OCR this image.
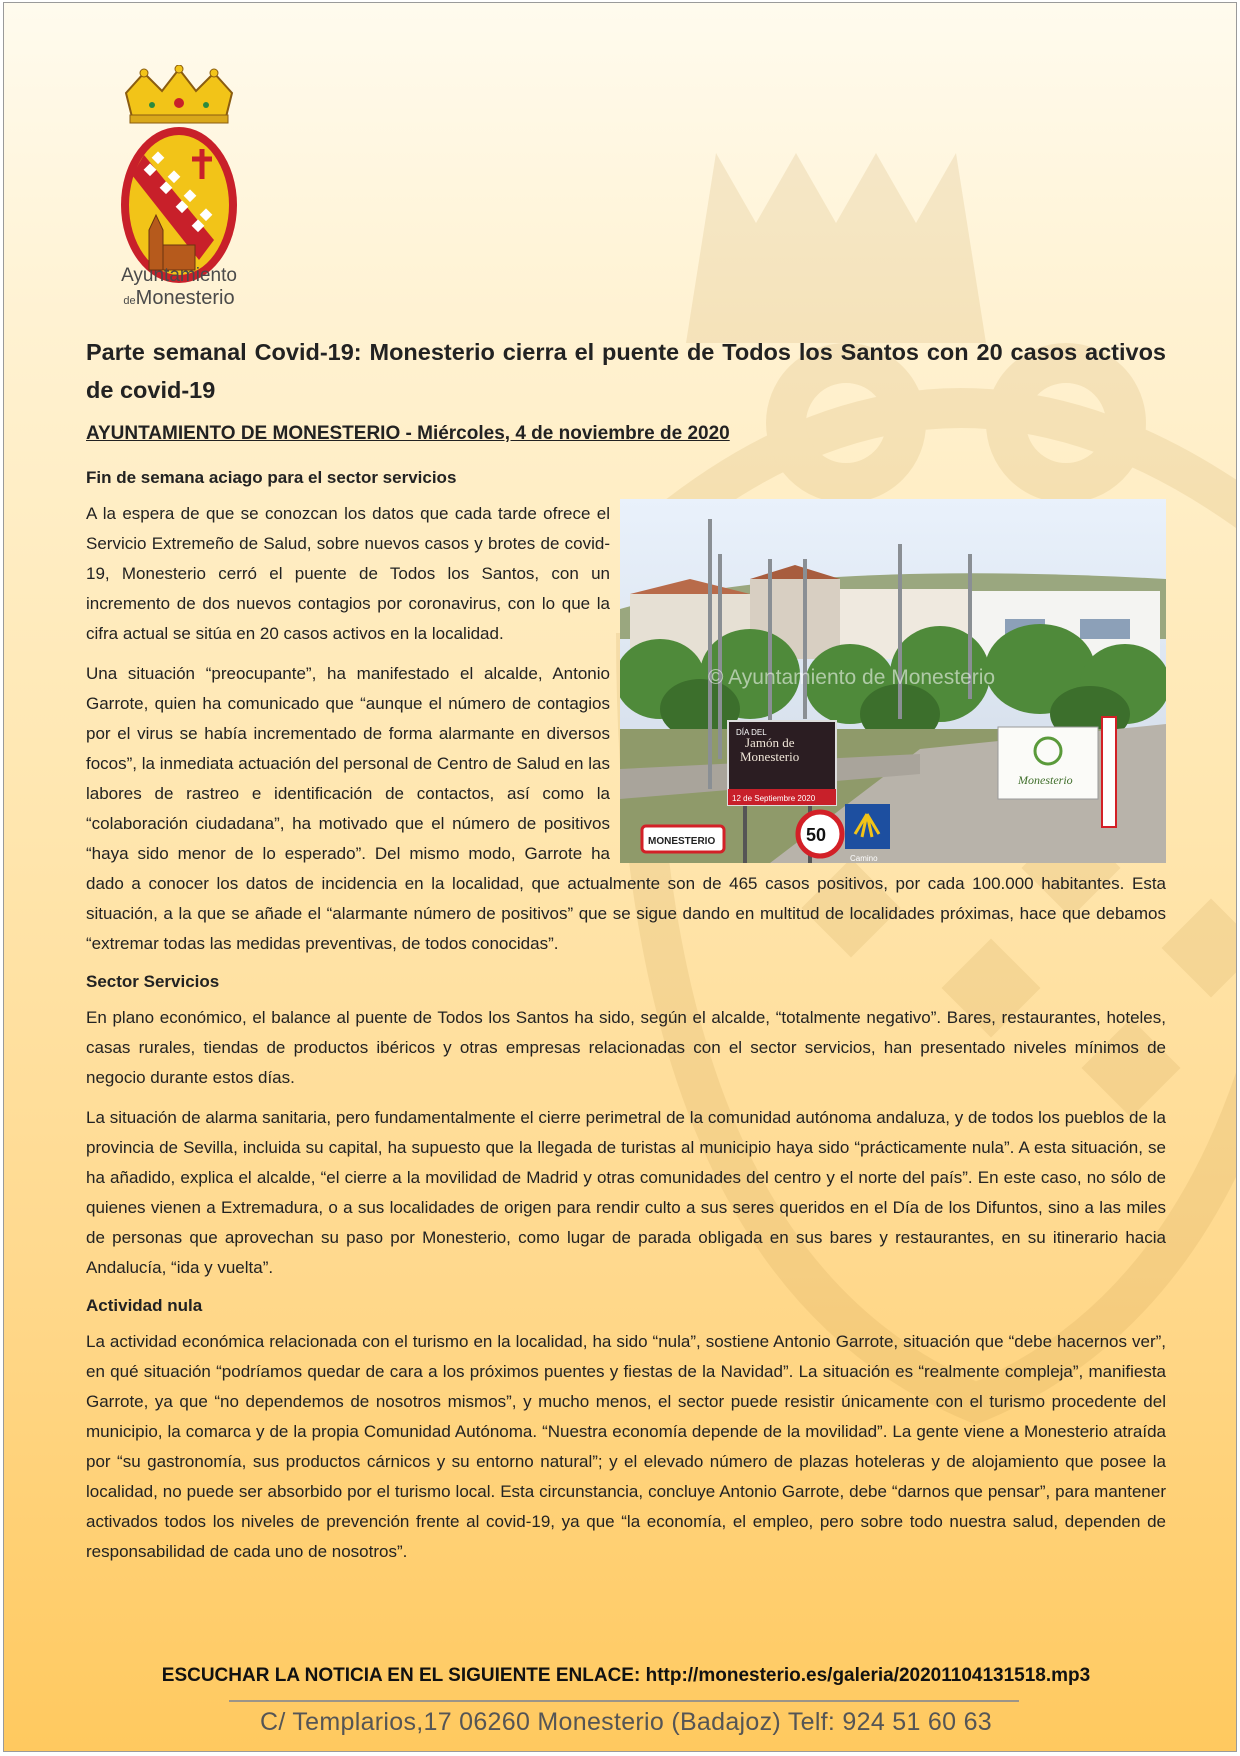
Ayuntamiento
deMonesterio
Parte semanal Covid-19: Monesterio cierra el puente de Todos los Santos con 20 casos activos de covid-19
AYUNTAMIENTO DE MONESTERIO - Miércoles, 4 de noviembre de 2020
Fin de semana aciago para el sector servicios
DÍA DEL
Jamón de
Monesterio
12 de Septiembre 2020
50
Camino
MONESTERIO
Monesterio
© Ayuntamiento de Monesterio

A la espera de que se conozcan los datos que cada tarde ofrece el Servicio Extremeño de Salud, sobre nuevos casos y brotes de covid-19, Monesterio cerró el puente de Todos los Santos, con un incremento de dos nuevos contagios por coronavirus, con lo que la cifra actual se sitúa en 20 casos activos en la localidad.

Una situación “preocupante”, ha manifestado el alcalde, Antonio Garrote, quien ha comunicado que “aunque el número de contagios por el virus se había incrementado de forma alarmante en diversos focos”, la inmediata actuación del personal de Centro de Salud en las labores de rastreo e identificación de contactos, así como la “colaboración ciudadana”, ha motivado que el número de positivos “haya sido menor de lo esperado”. Del mismo modo, Garrote ha dado a conocer los datos de incidencia en la localidad, que actualmente son de 465 casos positivos, por cada 100.000 habitantes. Esta situación, a la que se añade el “alarmante número de positivos” que se sigue dando en multitud de localidades próximas, hace que debamos “extremar todas las medidas preventivas, de todos conocidas”.

Sector Servicios

En plano económico, el balance al puente de Todos los Santos ha sido, según el alcalde, “totalmente negativo”. Bares, restaurantes, hoteles, casas rurales, tiendas de productos ibéricos y otras empresas relacionadas con el sector servicios, han presentado niveles mínimos de negocio durante estos días.

La situación de alarma sanitaria, pero fundamentalmente el cierre perimetral de la comunidad autónoma andaluza, y de todos los pueblos de la provincia de Sevilla, incluida su capital, ha supuesto que la llegada de turistas al municipio haya sido “prácticamente nula”. A esta situación, se ha añadido, explica el alcalde, “el cierre a la movilidad de Madrid y otras comunidades del centro y el norte del país”. En este caso, no sólo de quienes vienen a Extremadura, o a sus localidades de origen para rendir culto a sus seres queridos en el Día de los Difuntos, sino a las miles de personas que aprovechan su paso por Monesterio, como lugar de parada obligada en sus bares y restaurantes, en su itinerario hacia Andalucía, “ida y vuelta”.

Actividad nula

La actividad económica relacionada con el turismo en la localidad, ha sido “nula”, sostiene Antonio Garrote, situación que “debe hacernos ver”, en qué situación “podríamos quedar de cara a los próximos puentes y fiestas de la Navidad”. La situación es “realmente compleja”, manifiesta Garrote, ya que “no dependemos de nosotros mismos”, y mucho menos, el sector puede resistir únicamente con el turismo procedente del municipio, la comarca y de la propia Comunidad Autónoma. “Nuestra economía depende de la movilidad”. La gente viene a Monesterio atraída por “su gastronomía, sus productos cárnicos y su entorno natural”; y el elevado número de plazas hoteleras y de alojamiento que posee la localidad, no puede ser absorbido por el turismo local. Esta circunstancia, concluye Antonio Garrote, debe “darnos que pensar”, para mantener activados todos los niveles de prevención frente al covid-19, ya que “la economía, el empleo, pero sobre todo nuestra salud, dependen de responsabilidad de cada uno de nosotros”.

ESCUCHAR LA NOTICIA EN EL SIGUIENTE ENLACE: http://monesterio.es/galeria/20201104131518.mp3
C/ Templarios,17 06260 Monesterio (Badajoz) Telf: 924 51 60 63
